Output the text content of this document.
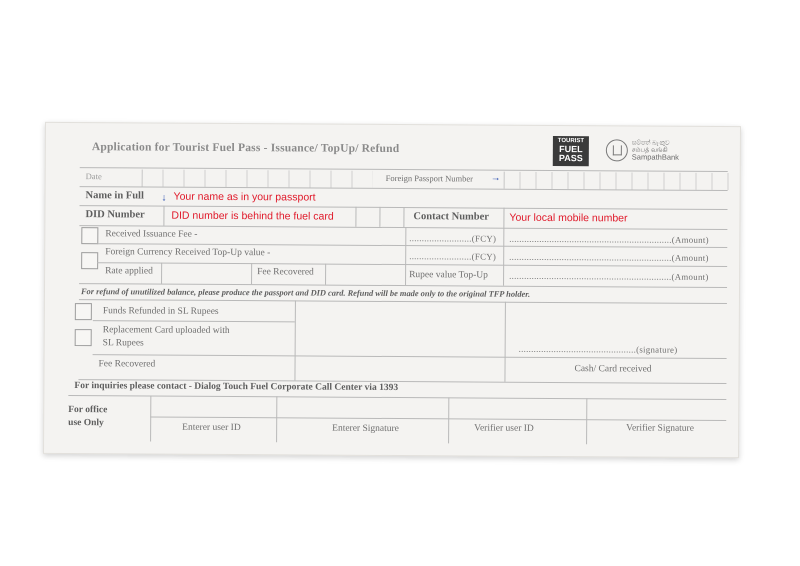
Application for Tourist Fuel Pass - Issuance/ TopUp/ Refund
TOURIST
FUEL
PASS
සම්පත් බැංකුව
சம்பத் வங்கி
SampathBank
Date	Foreign Passport Number →
Name in Full ↓ Your name as in your passport
DID Number	DID number is behind the fuel card	Contact Number Your local mobile number
Received Issuance Fee -	.........................(FCY) .................................................................(Amount)
Foreign Currency Received Top-Up value -	.........................(FCY) .................................................................(Amount)
Rate applied	Fee Recovered	Rupee value Top-Up .................................................................(Amount)
For refund of unutilized balance, please produce the passport and DID card. Refund will be made only to the original TFP holder.
Funds Refunded in SL Rupees
Replacement Card uploaded with
SL Rupees
...............................................(signature)
Fee Recovered	Cash/ Card received
For inquiries please contact - Dialog Touch Fuel Corporate Call Center via 1393
For office
use Only	Enterer user ID	Enterer Signature	Verifier user ID	Verifier Signature
